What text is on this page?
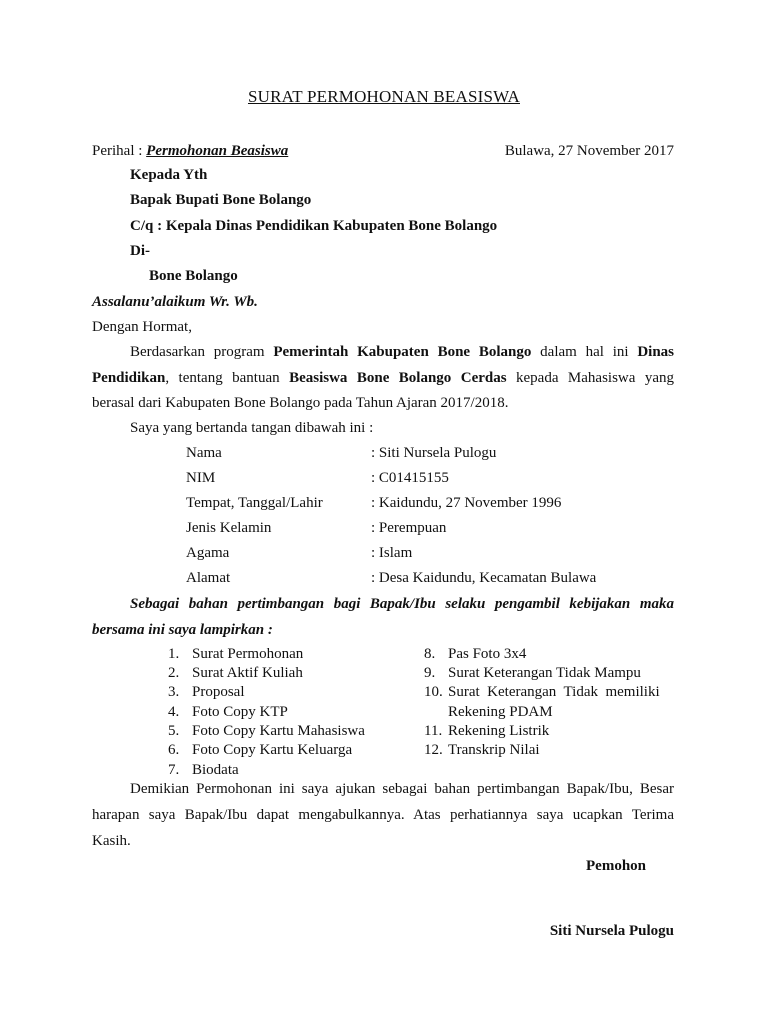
SURAT PERMOHONAN BEASISWA
Perihal : Permohonan Beasiswa	Bulawa, 27 November 2017
Kepada Yth
Bapak Bupati Bone Bolango
C/q : Kepala Dinas Pendidikan Kabupaten Bone Bolango
Di-
Bone Bolango
Assalanu’alaikum Wr. Wb.
Dengan Hormat,
Berdasarkan program Pemerintah Kabupaten Bone Bolango dalam hal ini Dinas
Pendidikan, tentang bantuan Beasiswa Bone Bolango Cerdas kepada Mahasiswa yang
berasal dari Kabupaten Bone Bolango pada Tahun Ajaran 2017/2018.
Saya yang bertanda tangan dibawah ini :
Nama	: Siti Nursela Pulogu
NIM	: C01415155
Tempat, Tanggal/Lahir	: Kaidundu, 27 November 1996
Jenis Kelamin	: Perempuan
Agama	: Islam
Alamat	: Desa Kaidundu, Kecamatan Bulawa
Sebagai bahan pertimbangan bagi Bapak/Ibu selaku pengambil kebijakan maka
bersama ini saya lampirkan :
1. Surat Permohonan
2. Surat Aktif Kuliah
3. Proposal
4. Foto Copy KTP
5. Foto Copy Kartu Mahasiswa
6. Foto Copy Kartu Keluarga
7. Biodata
8. Pas Foto 3x4
9. Surat Keterangan Tidak Mampu
10. Surat  Keterangan  Tidak  memiliki
Rekening PDAM
11. Rekening Listrik
12. Transkrip Nilai
Demikian Permohonan ini saya ajukan sebagai bahan pertimbangan Bapak/Ibu, Besar
harapan saya Bapak/Ibu dapat mengabulkannya. Atas perhatiannya saya ucapkan Terima
Kasih.
Pemohon
Siti Nursela Pulogu
